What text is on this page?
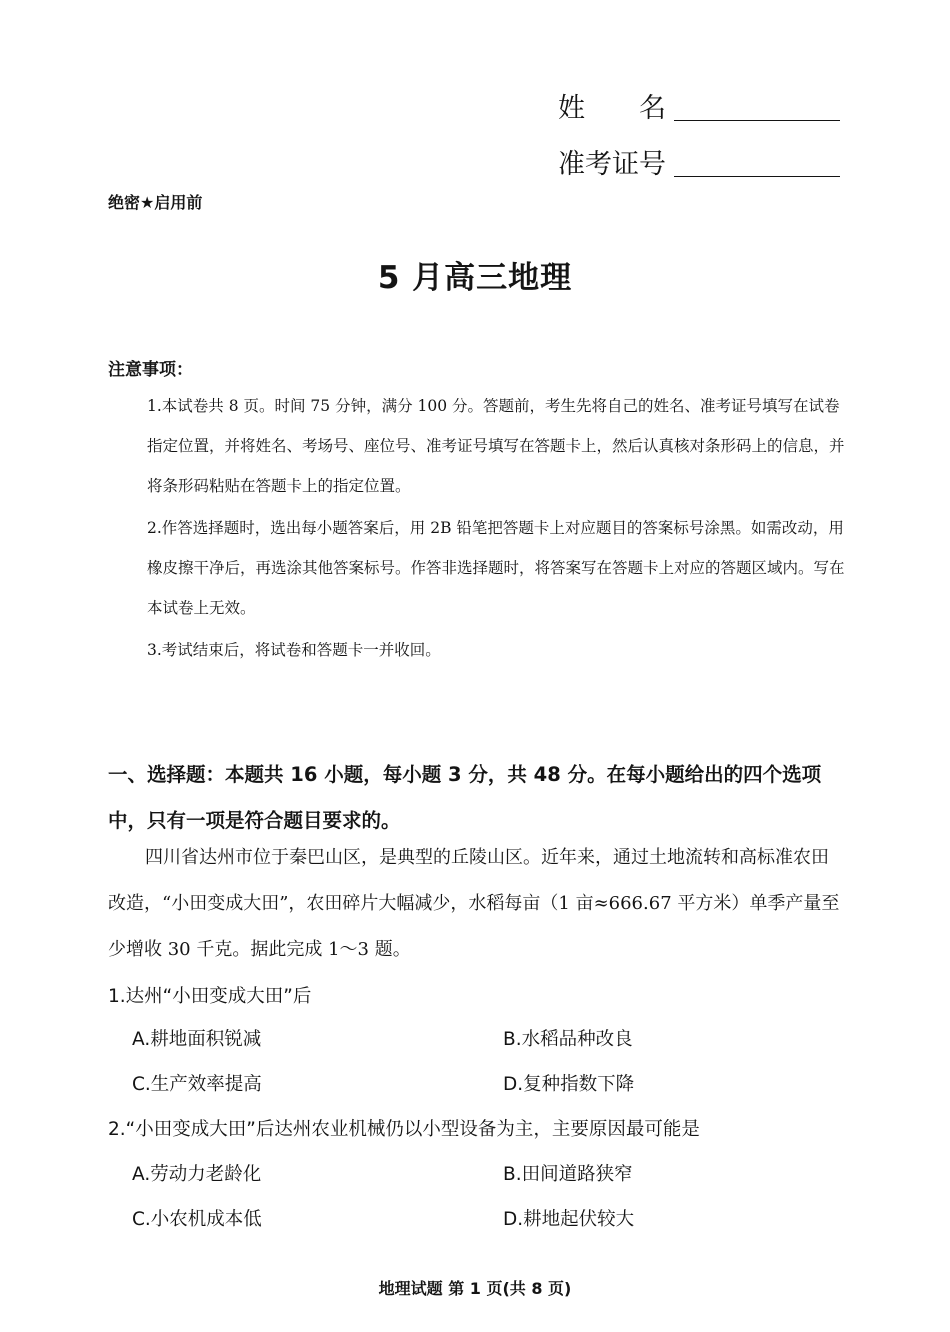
姓　　名
准考证号
绝密★启用前
5 月高三地理
注意事项：

1.本试卷共 8 页。时间 75 分钟，满分 100 分。答题前，考生先将自己的姓名、准考证号填写在试卷指定位置，并将姓名、考场号、座位号、准考证号填写在答题卡上，然后认真核对条形码上的信息，并将条形码粘贴在答题卡上的指定位置。

2.作答选择题时，选出每小题答案后，用 2B 铅笔把答题卡上对应题目的答案标号涂黑。如需改动，用橡皮擦干净后，再选涂其他答案标号。作答非选择题时，将答案写在答题卡上对应的答题区域内。写在本试卷上无效。

3.考试结束后，将试卷和答题卡一并收回。

一、选择题：本题共 16 小题，每小题 3 分，共 48 分。在每小题给出的四个选项中，只有一项是符合题目要求的。
四川省达州市位于秦巴山区，是典型的丘陵山区。近年来，通过土地流转和高标准农田改造，“小田变成大田”，农田碎片大幅减少，水稻每亩（1 亩≈666.67 平方米）单季产量至少增收 30 千克。据此完成 1～3 题。
1.达州“小田变成大田”后
A.耕地面积锐减	B.水稻品种改良
C.生产效率提高	D.复种指数下降
2.“小田变成大田”后达州农业机械仍以小型设备为主，主要原因最可能是
A.劳动力老龄化	B.田间道路狭窄
C.小农机成本低	D.耕地起伏较大
地理试题 第 1 页(共 8 页)
